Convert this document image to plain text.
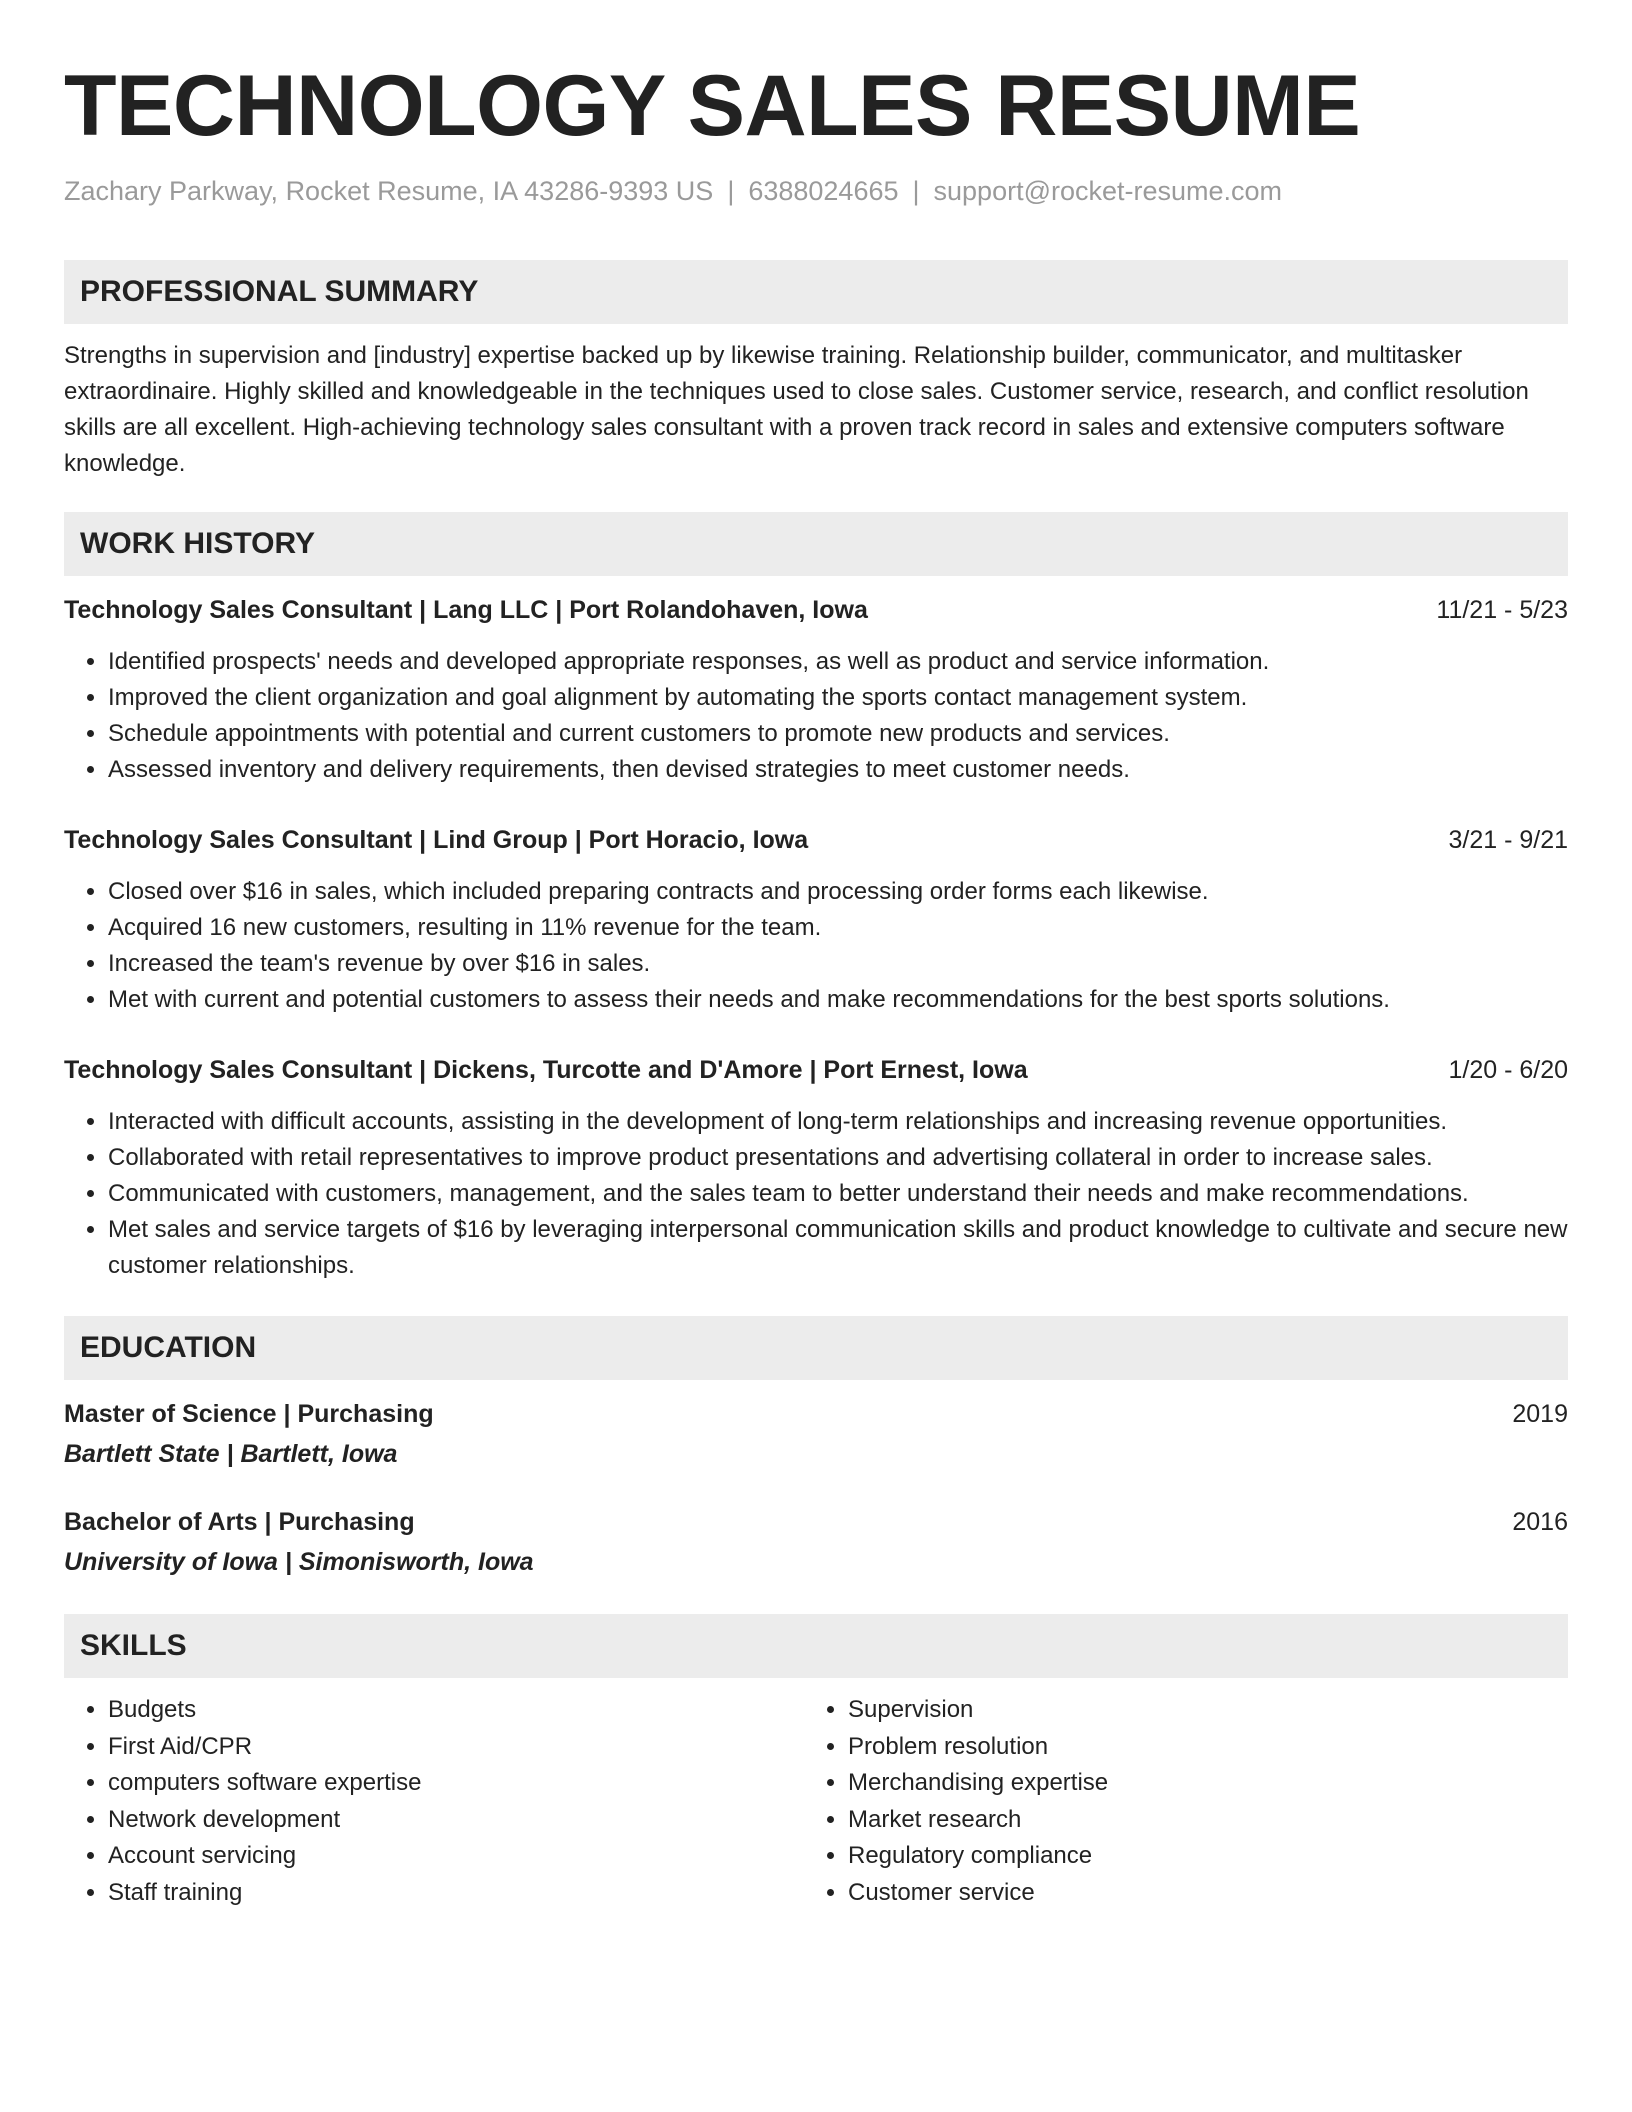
TECHNOLOGY SALES RESUME
Zachary Parkway, Rocket Resume, IA 43286-9393 US | 6388024665 | support@rocket-resume.com
PROFESSIONAL SUMMARY

Strengths in supervision and [industry] expertise backed up by likewise training. Relationship builder, communicator, and multitasker extraordinaire. Highly skilled and knowledgeable in the techniques used to close sales. Customer service, research, and conflict resolution skills are all excellent. High-achieving technology sales consultant with a proven track record in sales and extensive computers software knowledge.

WORK HISTORY
Technology Sales Consultant | Lang LLC | Port Rolandohaven, Iowa	11/21 - 5/23
• Identified prospects' needs and developed appropriate responses, as well as product and service information.
• Improved the client organization and goal alignment by automating the sports contact management system.
• Schedule appointments with potential and current customers to promote new products and services.
• Assessed inventory and delivery requirements, then devised strategies to meet customer needs.
Technology Sales Consultant | Lind Group | Port Horacio, Iowa	3/21 - 9/21
• Closed over $16 in sales, which included preparing contracts and processing order forms each likewise.
• Acquired 16 new customers, resulting in 11% revenue for the team.
• Increased the team's revenue by over $16 in sales.
• Met with current and potential customers to assess their needs and make recommendations for the best sports solutions.
Technology Sales Consultant | Dickens, Turcotte and D'Amore | Port Ernest, Iowa	1/20 - 6/20
• Interacted with difficult accounts, assisting in the development of long-term relationships and increasing revenue opportunities.
• Collaborated with retail representatives to improve product presentations and advertising collateral in order to increase sales.
• Communicated with customers, management, and the sales team to better understand their needs and make recommendations.
• Met sales and service targets of $16 by leveraging interpersonal communication skills and product knowledge to cultivate and secure new customer relationships.
EDUCATION
Master of Science | Purchasing	2019
Bartlett State | Bartlett, Iowa
Bachelor of Arts | Purchasing	2016
University of Iowa | Simonisworth, Iowa
SKILLS
• Budgets
• First Aid/CPR
• computers software expertise
• Network development
• Account servicing
• Staff training
• Supervision
• Problem resolution
• Merchandising expertise
• Market research
• Regulatory compliance
• Customer service
